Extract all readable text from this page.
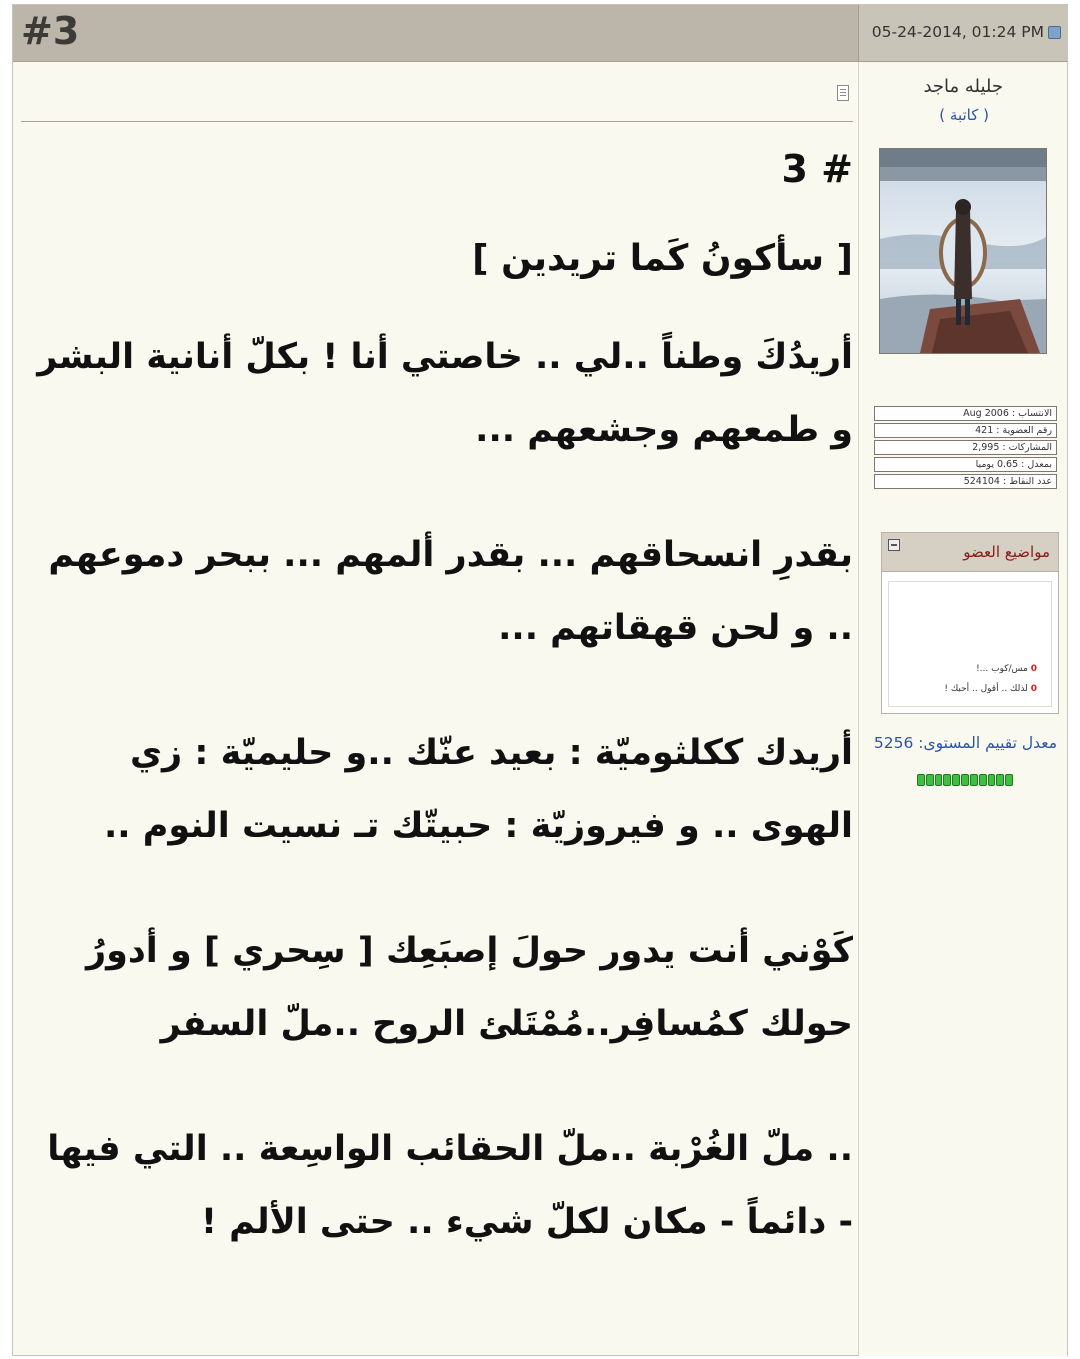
#3	05-24-2014, 01:24 PM
جليله ماجد
( كاتبة )
الانتساب : Aug 2006
رقم العضوية : 421
المشاركات : 2,995
بمعدل : 0.65 يوميا
عدد النقاط : 524104
مواضيع العضو
0 مس/كوب ...!
0 لذلك .. أقول .. أحبك !
معدل تقييم المستوى: 5256
# 3
[ سأكونُ كَما تريدين ]
أريدُكَ وطناً ..لي .. خاصتي أنا ! بكلّ أنانية البشر و طمعهم وجشعهم ...
بقدرِ انسحاقهم ... بقدر ألمهم ... ببحر دموعهم .. و لحن قهقاتهم ...
أريدك ككلثوميّة : بعيد عنّك ..و حليميّة : زي الهوى .. و فيروزيّة : حبيتّك تـ نسيت النوم ..
كَوْني أنت يدور حولَ إصبَعِك [ سِحري ] و أدورُ حولك كمُسافِر..مُمْتَلئ الروح ..ملّ السفر
.. ملّ الغُرْبة ..ملّ الحقائب الواسِعة .. التي فيها - دائماً - مكان لكلّ شيء .. حتى الألم !
